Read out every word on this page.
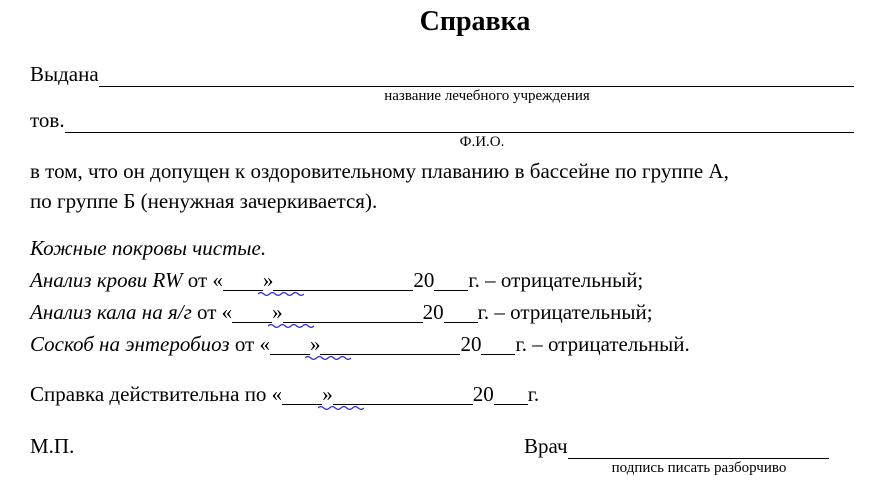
Справка
Выдана
название лечебного учреждения
тов.
Ф.И.О.

в том, что он допущен к оздоровительному плаванию в бассейне по группе А,
по группе Б (ненужная зачеркивается).

Кожные покровы чистые.
Анализ крови RW от « »	20 г. – отрицательный;
Анализ кала на я/г от « »	20 г. – отрицательный;
Соскоб на энтеробиоз от « »	20 г. – отрицательный.
Справка действительна по « »	20 г.
М.П.	Врач
подпись писать разборчиво
